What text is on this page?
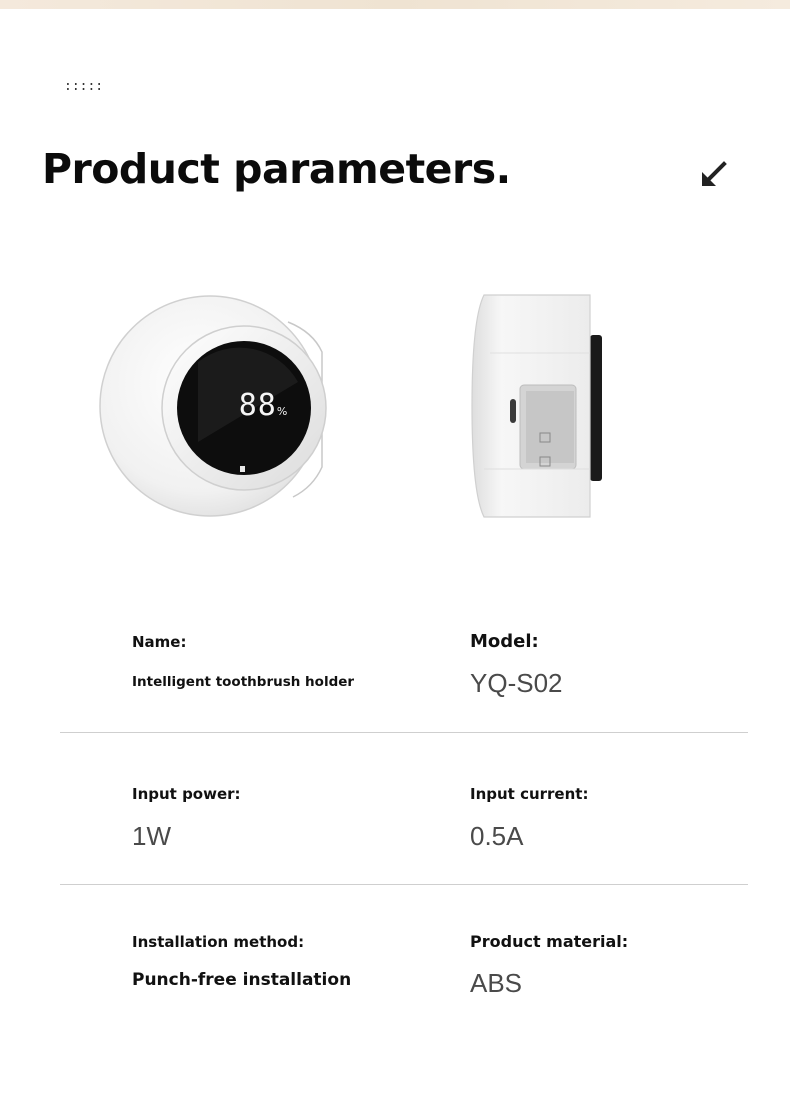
:::::
Product parameters.
88%
Name:
Intelligent toothbrush holder
Model:
YQ-S02
Input power:
1W
Input current:
0.5A
Installation method:
Punch-free installation
Product material:
ABS
